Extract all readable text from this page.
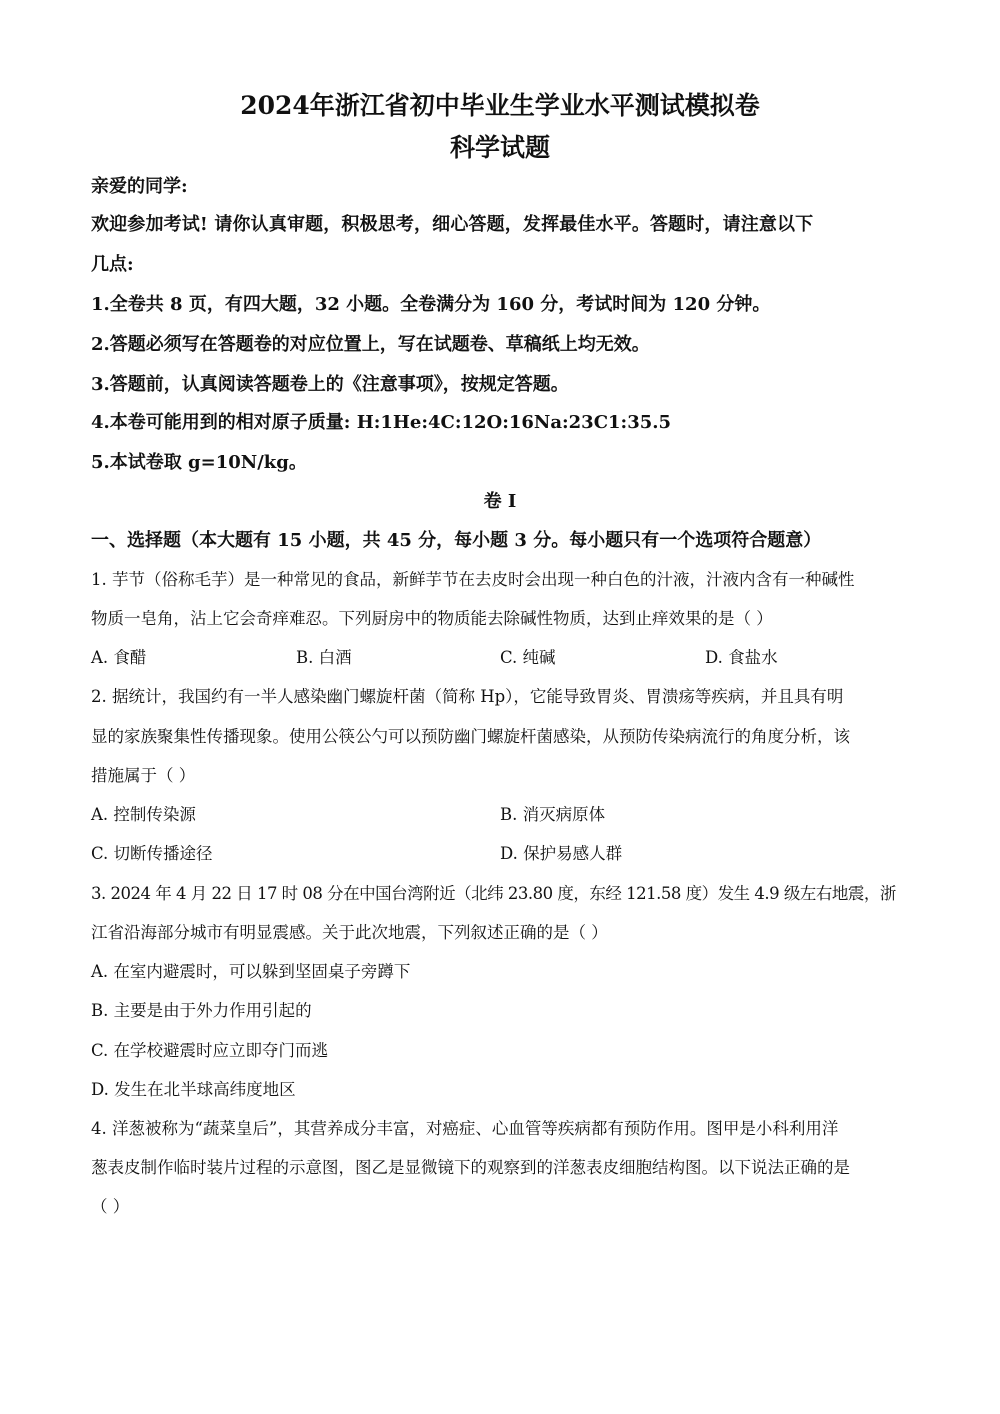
2024年浙江省初中毕业生学业水平测试模拟卷
科学试题
亲爱的同学:
欢迎参加考试! 请你认真审题，积极思考，细心答题，发挥最佳水平。答题时，请注意以下
几点:
1.全卷共 8 页，有四大题，32 小题。全卷满分为 160 分，考试时间为 120 分钟。
2.答题必须写在答题卷的对应位置上，写在试题卷、草稿纸上均无效。
3.答题前，认真阅读答题卷上的《注意事项》，按规定答题。
4.本卷可能用到的相对原子质量: H:1He:4C:12O:16Na:23C1:35.5
5.本试卷取 g=10N/kg。
卷 I
一、选择题（本大题有 15 小题，共 45 分，每小题 3 分。每小题只有一个选项符合题意）
1. 芋节（俗称毛芋）是一种常见的食品，新鲜芋节在去皮时会出现一种白色的汁液，汁液内含有一种碱性
物质一皂角，沾上它会奇痒难忍。下列厨房中的物质能去除碱性物质，达到止痒效果的是（ ）
A. 食醋	B. 白酒	C. 纯碱	D. 食盐水
2. 据统计，我国约有一半人感染幽门螺旋杆菌（简称 Hp），它能导致胃炎、胃溃疡等疾病，并且具有明
显的家族聚集性传播现象。使用公筷公勺可以预防幽门螺旋杆菌感染，从预防传染病流行的角度分析，该
措施属于（ ）
A. 控制传染源	B. 消灭病原体
C. 切断传播途径	D. 保护易感人群
3. 2024 年 4 月 22 日 17 时 08 分在中国台湾附近（北纬 23.80 度，东经 121.58 度）发生 4.9 级左右地震，浙
江省沿海部分城市有明显震感。关于此次地震，下列叙述正确的是（ ）
A. 在室内避震时，可以躲到坚固桌子旁蹲下
B. 主要是由于外力作用引起的
C. 在学校避震时应立即夺门而逃
D. 发生在北半球高纬度地区
4. 洋葱被称为“蔬菜皇后”，其营养成分丰富，对癌症、心血管等疾病都有预防作用。图甲是小科利用洋
葱表皮制作临时装片过程的示意图，图乙是显微镜下的观察到的洋葱表皮细胞结构图。以下说法正确的是
（ ）
